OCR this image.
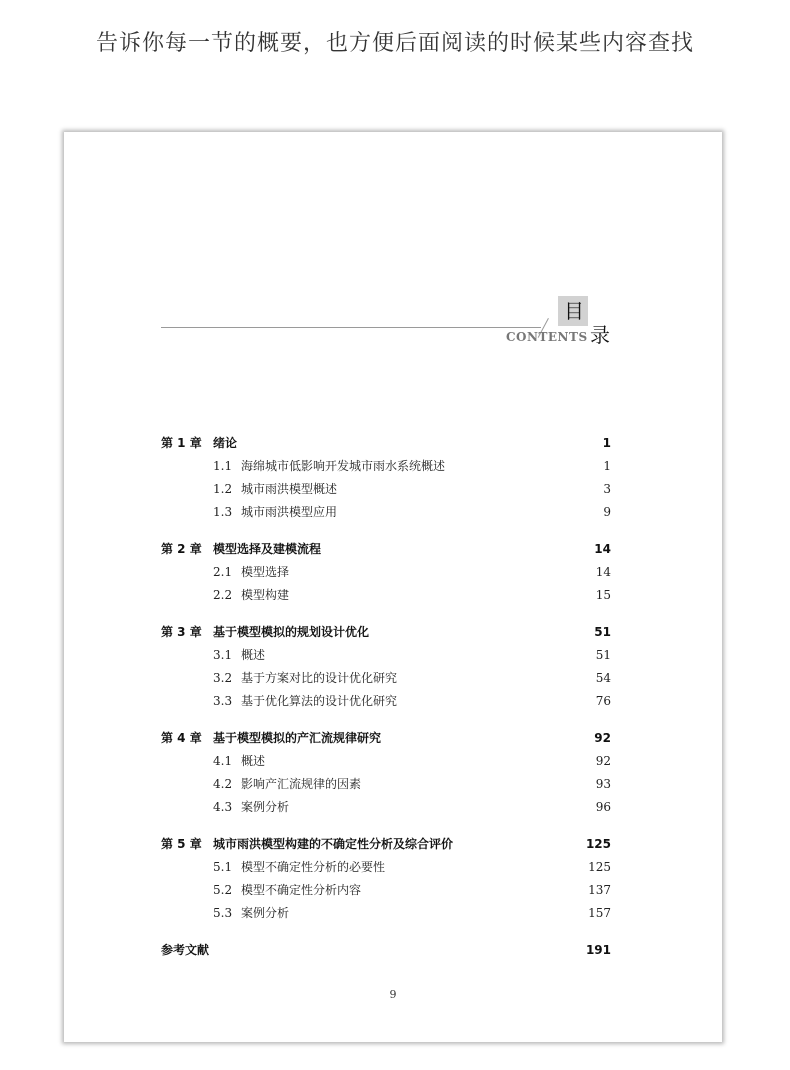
告诉你每一节的概要，也方便后面阅读的时候某些内容查找
目
CONTENTS 录
第 1 章 绪论	1
1.1 海绵城市低影响开发城市雨水系统概述	1
1.2 城市雨洪模型概述	3
1.3 城市雨洪模型应用	9
第 2 章 模型选择及建模流程	14
2.1 模型选择	14
2.2 模型构建	15
第 3 章 基于模型模拟的规划设计优化	51
3.1 概述	51
3.2 基于方案对比的设计优化研究	54
3.3 基于优化算法的设计优化研究	76
第 4 章 基于模型模拟的产汇流规律研究	92
4.1 概述	92
4.2 影响产汇流规律的因素	93
4.3 案例分析	96
第 5 章 城市雨洪模型构建的不确定性分析及综合评价	125
5.1 模型不确定性分析的必要性	125
5.2 模型不确定性分析内容	137
5.3 案例分析	157
参考文献	191
9
